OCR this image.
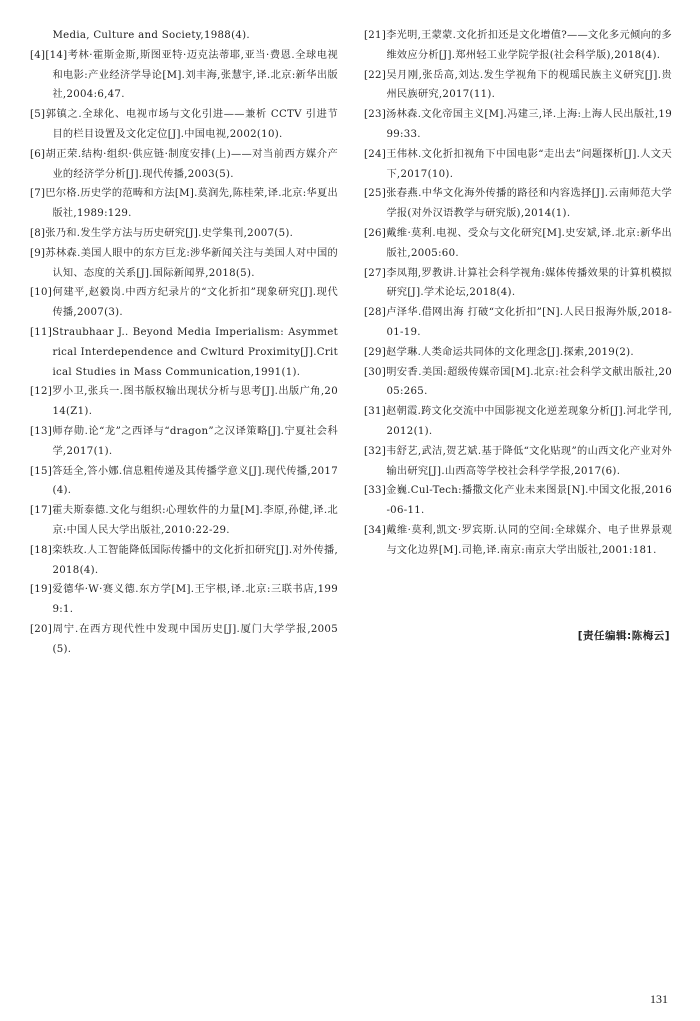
Media, Culture and Society,1988(4).
[4][14]考林·霍斯金斯,斯图亚特·迈克法蒂耶,亚当·费恩.全球电视和电影:产业经济学导论[M].刘丰海,张慧宇,译.北京:新华出版社,2004:6,47.
[5]郭镇之.全球化、电视市场与文化引进——兼析 CCTV 引进节目的栏目设置及文化定位[J].中国电视,2002(10).
[6]胡正荣.结构·组织·供应链·制度安排(上)——对当前西方媒介产业的经济学分析[J].现代传播,2003(5).
[7]巴尔格.历史学的范畴和方法[M].莫润先,陈桂荣,译.北京:华夏出版社,1989:129.
[8]张乃和.发生学方法与历史研究[J].史学集刊,2007(5).
[9]苏林森.美国人眼中的东方巨龙:涉华新闻关注与美国人对中国的认知、态度的关系[J].国际新闻界,2018(5).
[10]何建平,赵毅岗.中西方纪录片的“文化折扣”现象研究[J].现代传播,2007(3).
[11]Straubhaar J.. Beyond Media Imperialism: Asymmetrical Interdependence and Cwlturd Proximity[J].Critical Studies in Mass Communication,1991(1).
[12]罗小卫,张兵一.图书版权输出现状分析与思考[J].出版广角,2014(Z1).
[13]师存勋.论“龙”之西译与“dragon”之汉译策略[J].宁夏社会科学,2017(1).
[15]答廷全,答小娜.信息粗传递及其传播学意义[J].现代传播,2017(4).
[17]霍夫斯泰德.文化与组织:心理软件的力量[M].李原,孙健,译.北京:中国人民大学出版社,2010:22-29.
[18]栾轶玫.人工智能降低国际传播中的文化折扣研究[J].对外传播,2018(4).
[19]爱德华·W·赛义德.东方学[M].王宇根,译.北京:三联书店,1999:1.
[20]周宁.在西方现代性中发现中国历史[J].厦门大学学报,2005(5).
[21]李光明,王蒙蒙.文化折扣还是文化增值?——文化多元倾向的多维效应分析[J].郑州轻工业学院学报(社会科学版),2018(4).
[22]吴月刚,张岳高,刘达.发生学视角下的枧瑶民族主义研究[J].贵州民族研究,2017(11).
[23]汤林森.文化帝国主义[M].冯建三,译.上海:上海人民出版社,1999:33.
[24]王伟林.文化折扣视角下中国电影“走出去”问题探析[J].人文天下,2017(10).
[25]张春燕.中华文化海外传播的路径和内容选择[J].云南师范大学学报(对外汉语教学与研究版),2014(1).
[26]戴维·莫利.电视、受众与文化研究[M].史安斌,译.北京:新华出版社,2005:60.
[27]李凤翔,罗教讲.计算社会科学视角:媒体传播效果的计算机模拟研究[J].学术论坛,2018(4).
[28]卢泽华.借网出海 打破“文化折扣”[N].人民日报海外版,2018-01-19.
[29]赵学琳.人类命运共同体的文化理念[J].探索,2019(2).
[30]明安香.美国:超级传媒帝国[M].北京:社会科学文献出版社,2005:265.
[31]赵朝霞.跨文化交流中中国影视文化逆差现象分析[J].河北学刊,2012(1).
[32]韦舒艺,武洁,贺艺斌.基于降低“文化贴现”的山西文化产业对外输出研究[J].山西高等学校社会科学学报,2017(6).
[33]金巍.Cul-Tech:播撒文化产业未来图景[N].中国文化报,2016-06-11.
[34]戴维·莫利,凯文·罗宾斯.认同的空间:全球媒介、电子世界景观与文化边界[M].司艳,译.南京:南京大学出版社,2001:181.
[责任编辑:陈梅云]
131
